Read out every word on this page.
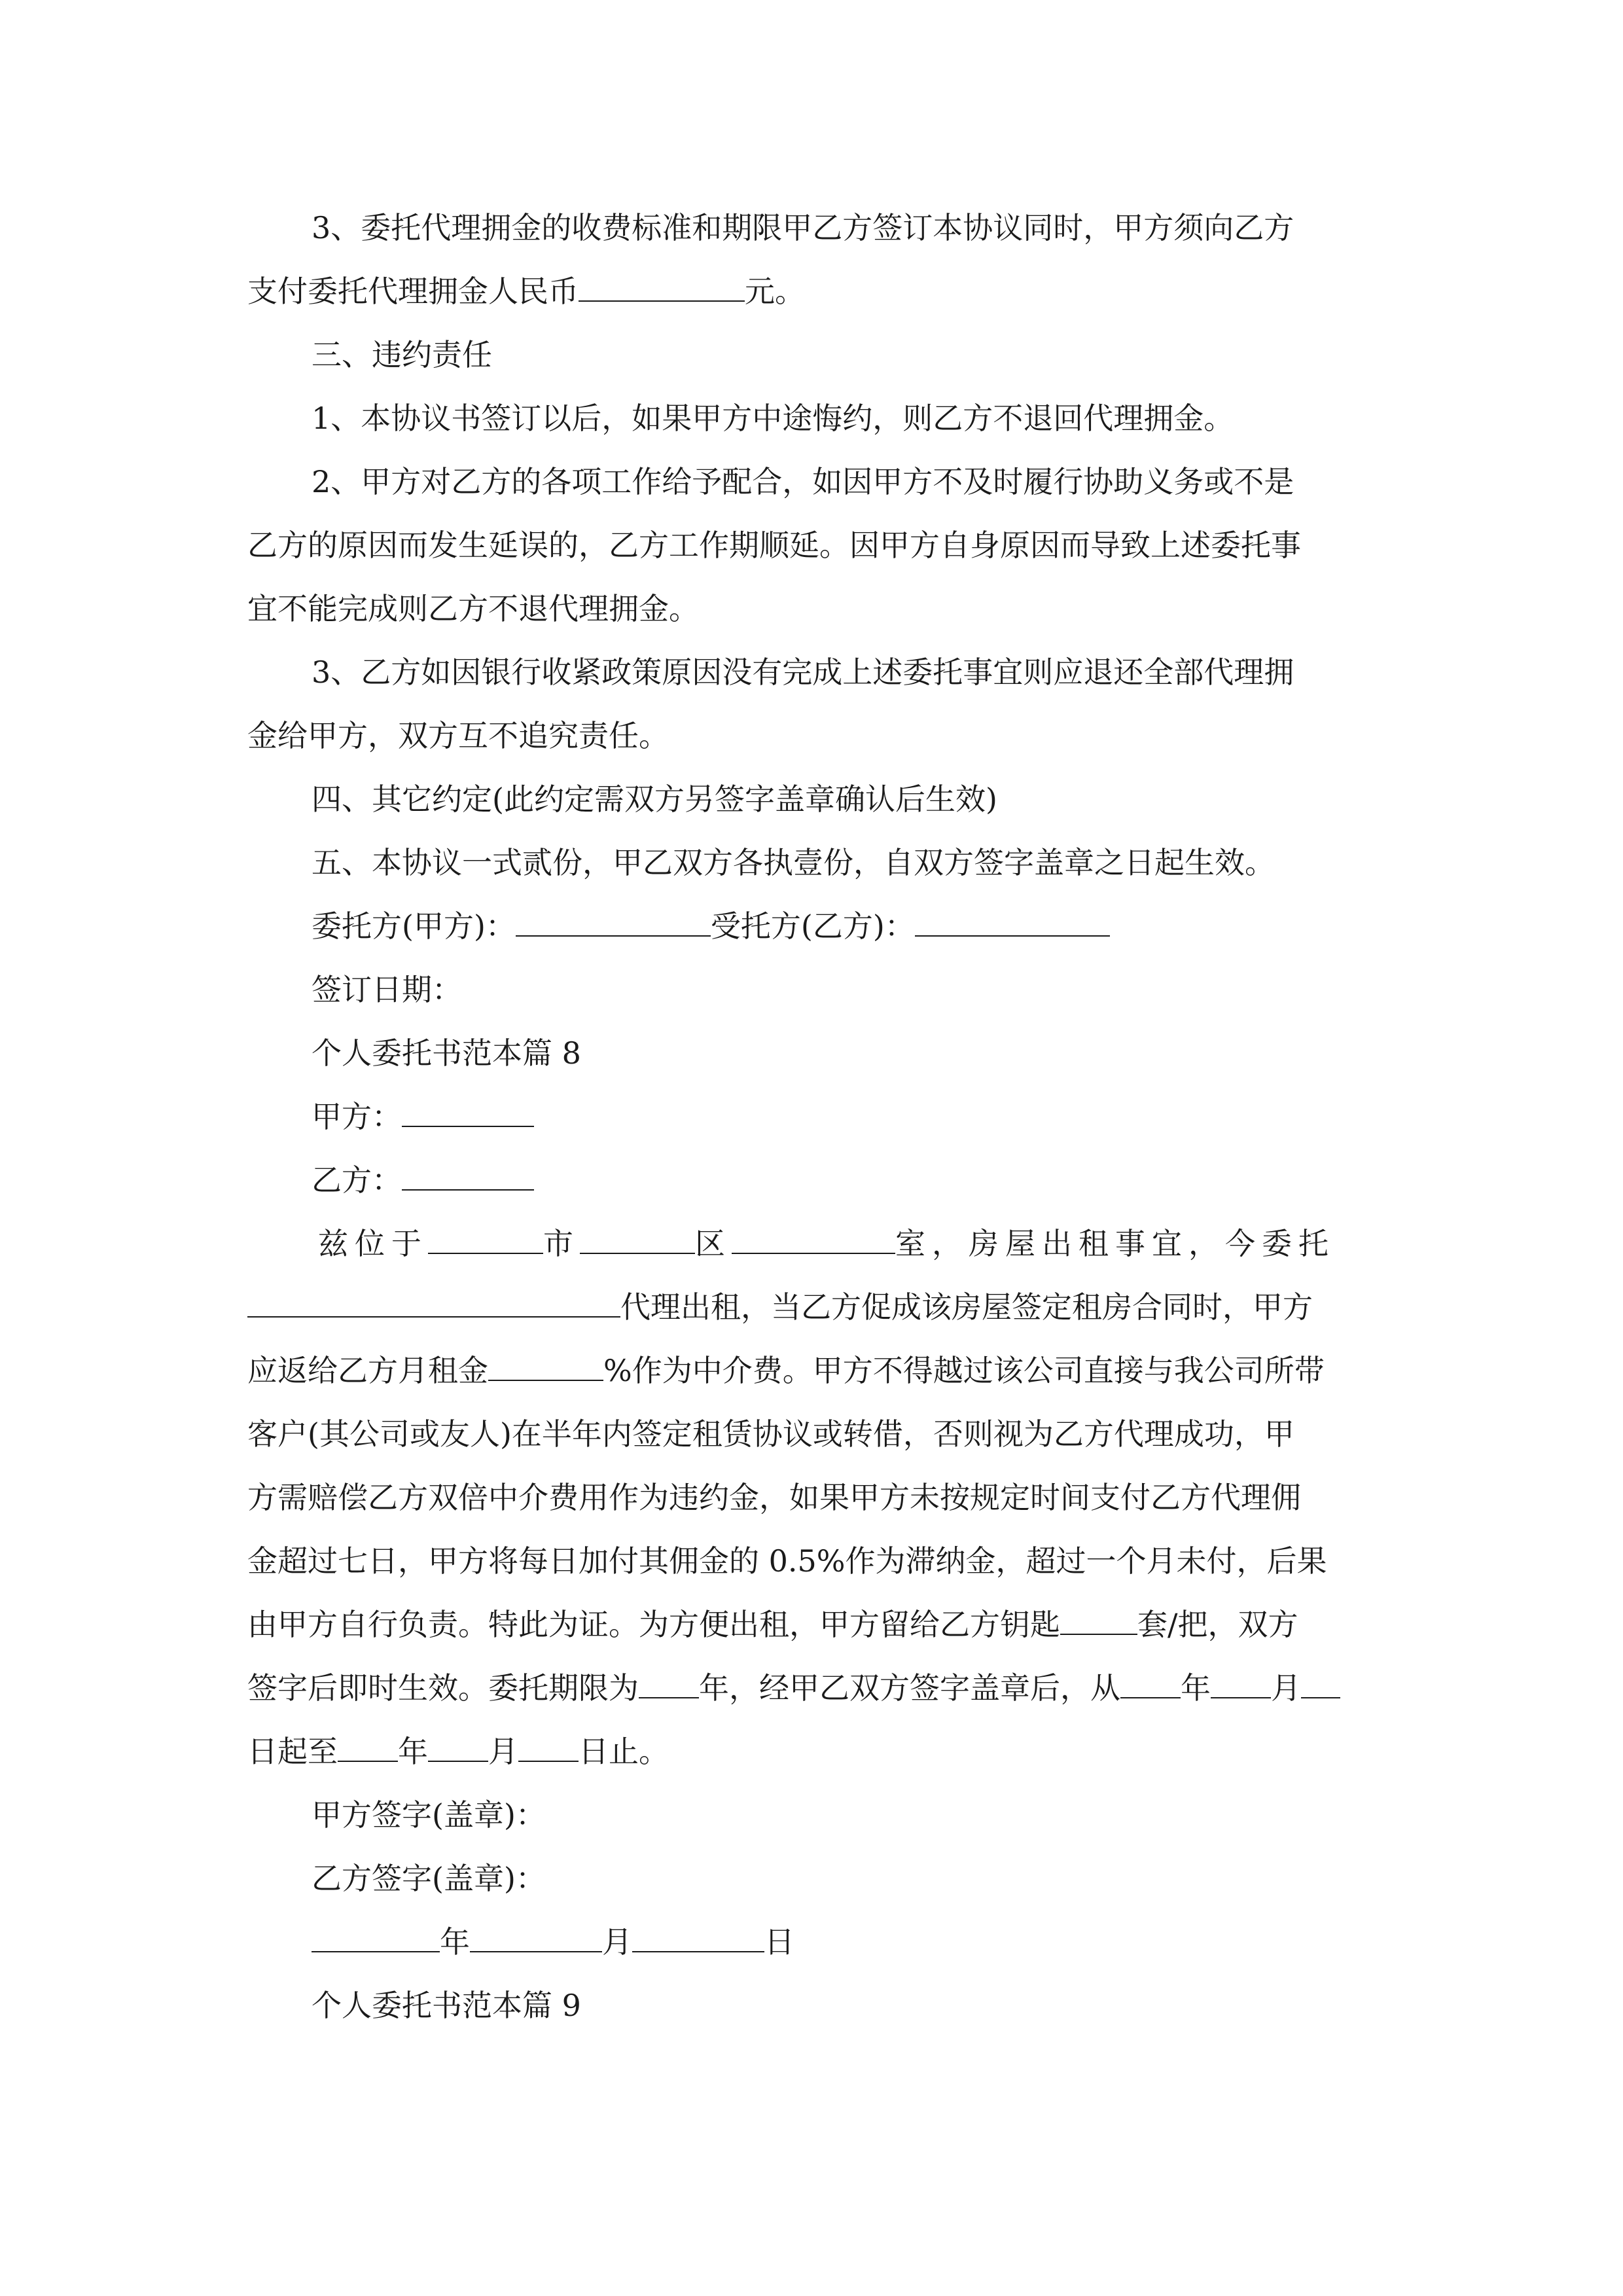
3、委托代理拥金的收费标准和期限甲乙方签订本协议同时，甲方须向乙方
支付委托代理拥金人民币	元。
三、违约责任
1、本协议书签订以后，如果甲方中途悔约，则乙方不退回代理拥金。
2、甲方对乙方的各项工作给予配合，如因甲方不及时履行协助义务或不是
乙方的原因而发生延误的，乙方工作期顺延。因甲方自身原因而导致上述委托事
宜不能完成则乙方不退代理拥金。
3、乙方如因银行收紧政策原因没有完成上述委托事宜则应退还全部代理拥
金给甲方，双方互不追究责任。
四、其它约定(此约定需双方另签字盖章确认后生效)
五、本协议一式贰份，甲乙双方各执壹份，自双方签字盖章之日起生效。
委托方(甲方)：	受托方(乙方)：
签订日期：
个人委托书范本篇 8
甲方：
乙方：
兹位于	市	区	室，房屋出租事宜，今委托
代理出租，当乙方促成该房屋签定租房合同时，甲方
应返给乙方月租金	%作为中介费。甲方不得越过该公司直接与我公司所带
客户(其公司或友人)在半年内签定租赁协议或转借，否则视为乙方代理成功，甲
方需赔偿乙方双倍中介费用作为违约金，如果甲方未按规定时间支付乙方代理佣
金超过七日，甲方将每日加付其佣金的 0.5%作为滞纳金，超过一个月未付，后果
由甲方自行负责。特此为证。为方便出租，甲方留给乙方钥匙	套/把，双方
签字后即时生效。委托期限为 年，经甲乙双方签字盖章后，从 年 月
日起至 年 月 日止。
甲方签字(盖章)：
乙方签字(盖章)：
年	月	日
个人委托书范本篇 9
